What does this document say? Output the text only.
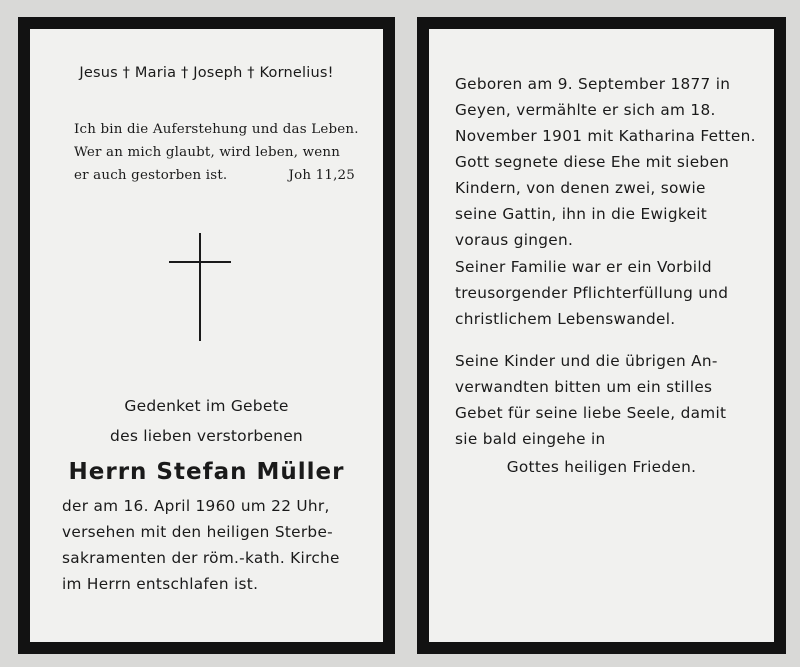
Jesus † Maria † Joseph † Kornelius!

Ich bin die Auferstehung und das Leben.

Wer an mich glaubt, wird leben, wenn

er auch gestorben ist.	Joh 11,25

Gedenket im Gebete

des lieben verstorbenen

Herrn Stefan Müller

der am 16. April 1960 um 22 Uhr,

versehen mit den heiligen Sterbe-

sakramenten der röm.-kath. Kirche

im Herrn entschlafen ist.

Geboren am 9. September 1877 in

Geyen, vermählte er sich am 18.

November 1901 mit Katharina Fetten.

Gott segnete diese Ehe mit sieben

Kindern, von denen zwei, sowie

seine Gattin, ihn in die Ewigkeit

voraus gingen.

Seiner Familie war er ein Vorbild

treusorgender Pflichterfüllung und

christlichem Lebenswandel.

Seine Kinder und die übrigen An-

verwandten bitten um ein stilles

Gebet für seine liebe Seele, damit

sie bald eingehe in

Gottes heiligen Frieden.
